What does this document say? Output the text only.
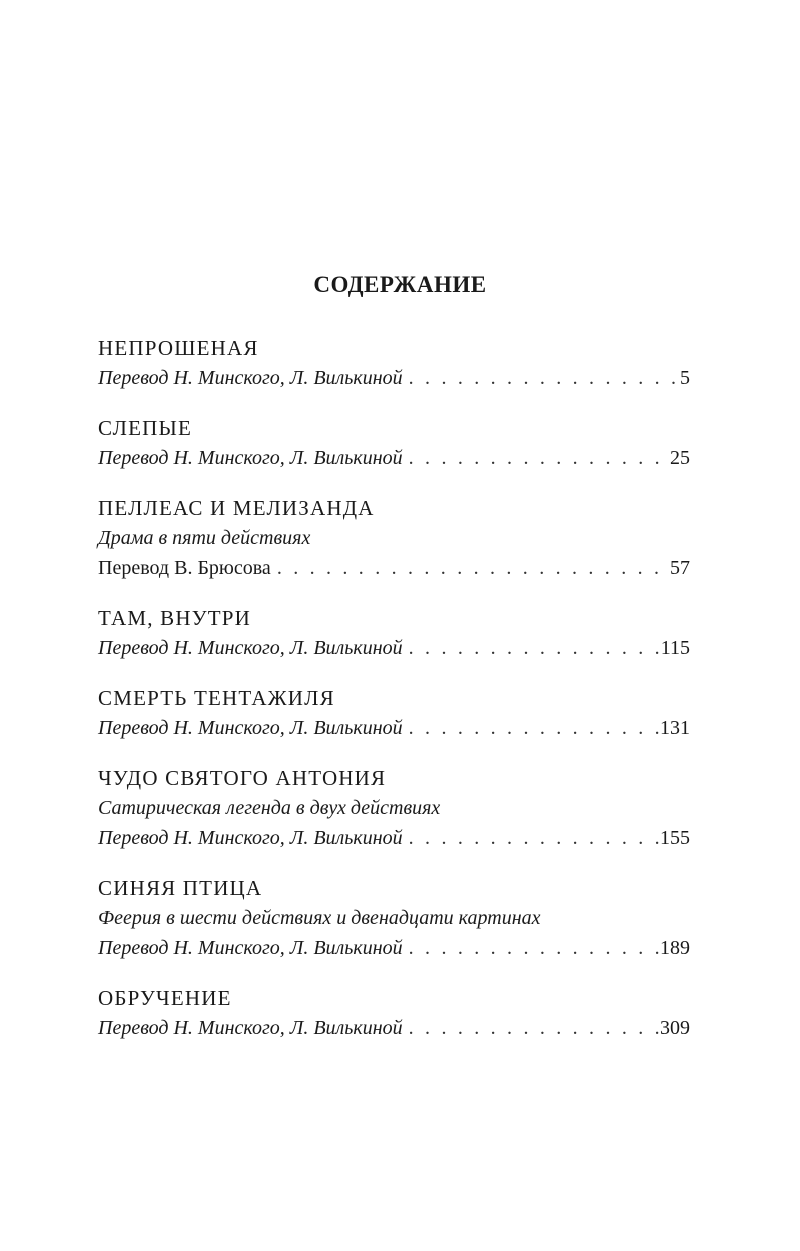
СОДЕРЖАНИЕ
НЕПРОШЕНАЯ
Перевод Н. Минского, Л. Вилькиной . . .	5
СЛЕПЫЕ
Перевод Н. Минского, Л. Вилькиной . . .	25
ПЕЛЛЕАС И МЕЛИЗАНДА
Драма в пяти действиях
Перевод В. Брюсова . . .	57
ТАМ, ВНУТРИ
Перевод Н. Минского, Л. Вилькиной . . .	115
СМЕРТЬ ТЕНТАЖИЛЯ
Перевод Н. Минского, Л. Вилькиной . . .	131
ЧУДО СВЯТОГО АНТОНИЯ
Сатирическая легенда в двух действиях
Перевод Н. Минского, Л. Вилькиной . . .	155
СИНЯЯ ПТИЦА
Феерия в шести действиях и двенадцати картинах
Перевод Н. Минского, Л. Вилькиной . . .	189
ОБРУЧЕНИЕ
Перевод Н. Минского, Л. Вилькиной . . .	309
